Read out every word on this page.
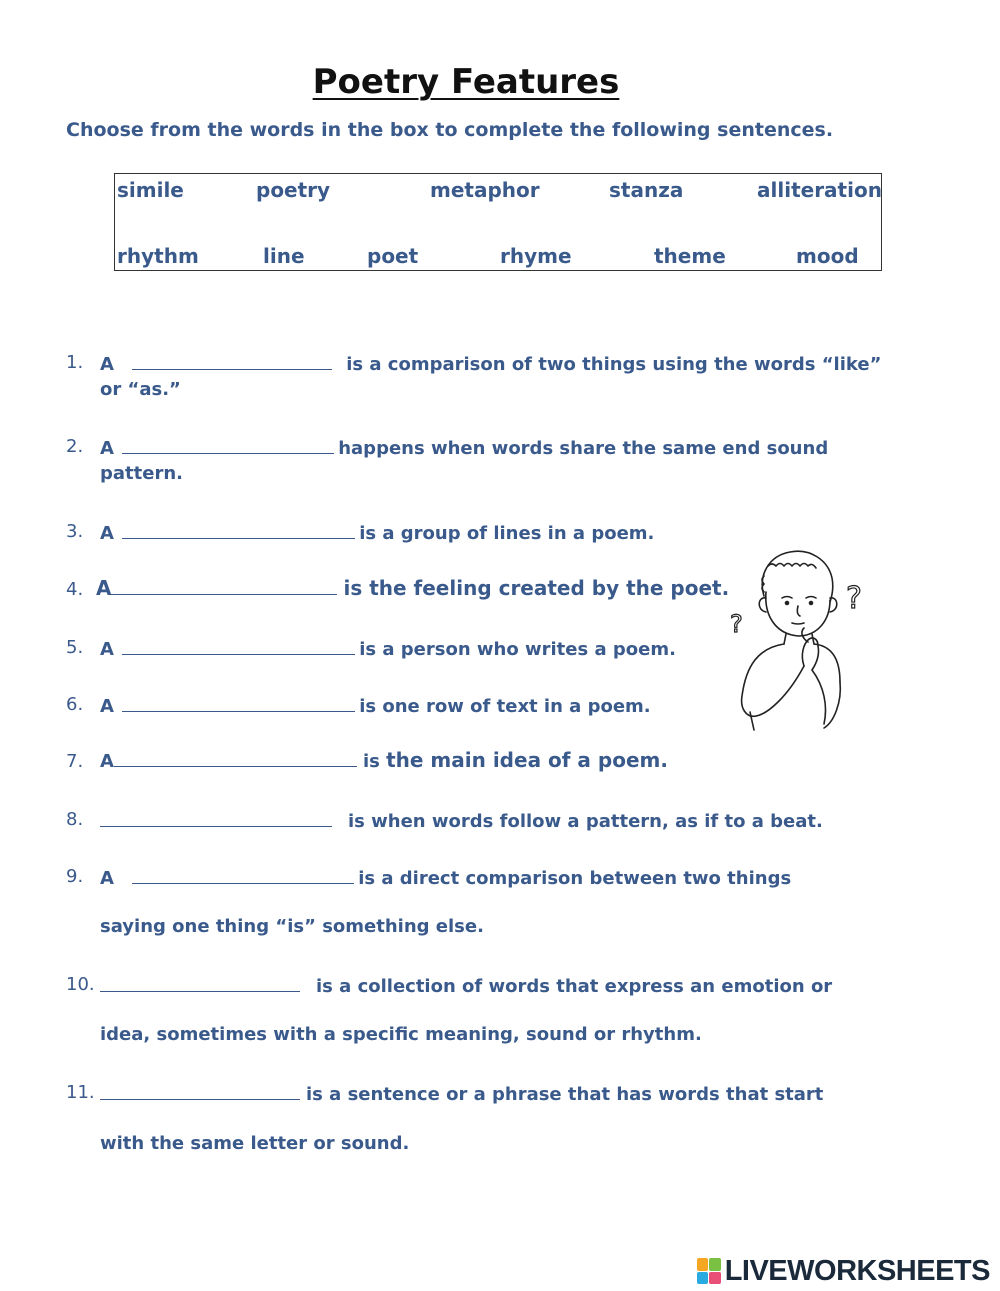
Poetry Features

Choose from the words in the box to complete the following sentences.

simile	poetry	metaphor	stanza	alliteration
rhythm	line	poet	rhyme	theme	mood
1. A	is a comparison of two things using the words “like”
or “as.”
2. A	happens when words share the same end sound
pattern.
3. A	is a group of lines in a poem.
4. A	is the feeling created by the poet.
5. A	is a person who writes a poem.
6. A	is one row of text in a poem.
7. A	is the main idea of a poem.
8.	is when words follow a pattern, as if to a beat.
9. A	is a direct comparison between two things
saying one thing “is” something else.
10.	is a collection of words that express an emotion or
idea, sometimes with a specific meaning, sound or rhythm.
11.	is a sentence or a phrase that has words that start
with the same letter or sound.
?
?
LIVEWORKSHEETS
